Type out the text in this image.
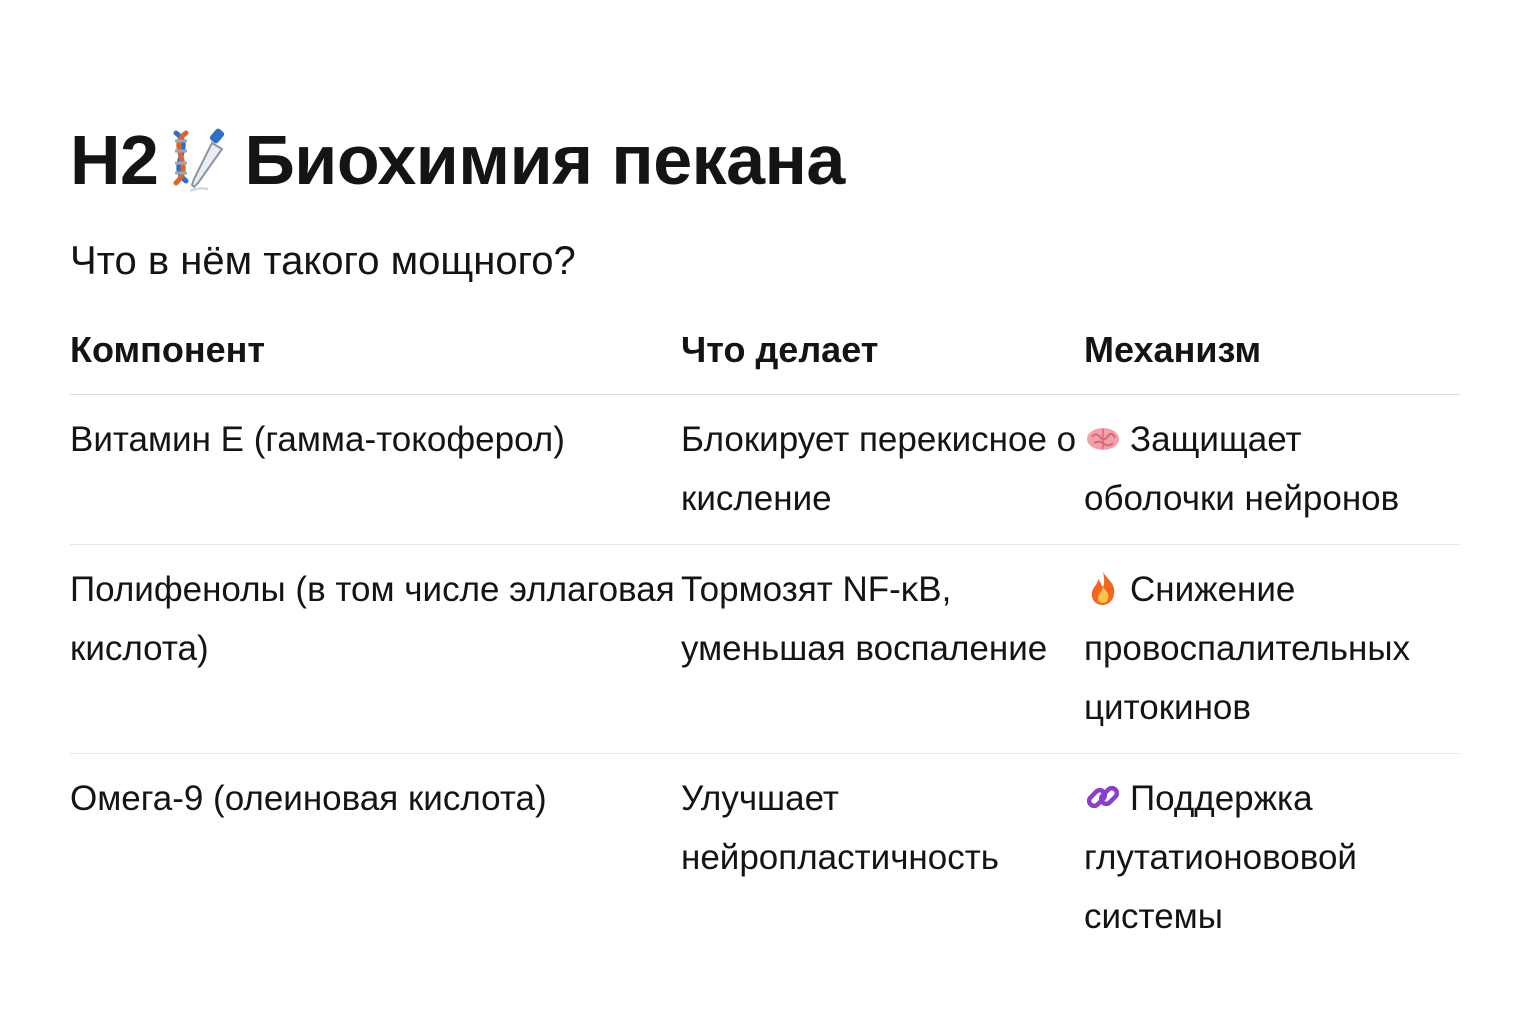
H2 Биохимия пекана

Что в нём такого мощного?

Компонент	Что делает	Механизм

Витамин E (гамма-токоферол)	Блокирует перекисное окисление	Защищает оболочки нейронов

Полифенолы (в том числе эллаговая кислота)	Тормозят NF-κB, уменьшая воспаление	Снижение провоспалительных цитокинов

Омега-9 (олеиновая кислота)	Улучшает нейропластичность	Поддержка глутатионововой системы
